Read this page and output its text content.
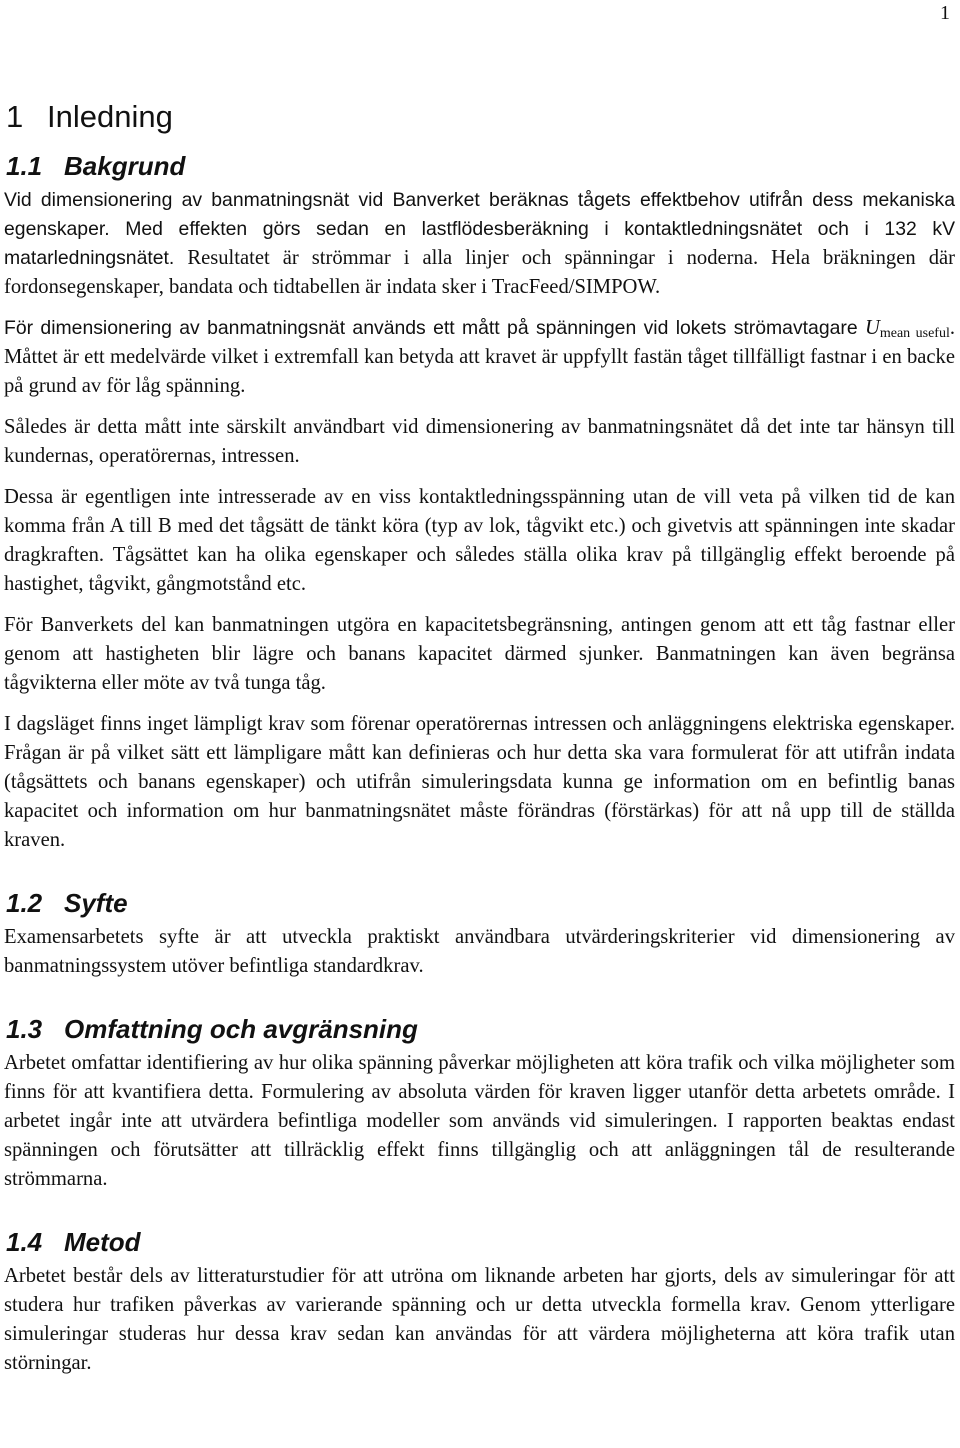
1
1 Inledning
1.1 Bakgrund

Vid dimensionering av banmatningsnät vid Banverket beräknas tågets effektbehov utifrån dess mekaniska egenskaper. Med effekten görs sedan en lastflödesberäkning i kontaktledningsnätet och i 132 kV matarledningsnätet. Resultatet är strömmar i alla linjer och spänningar i noderna. Hela bräkningen där fordonsegenskaper, bandata och tidtabellen är indata sker i TracFeed/SIMPOW.

För dimensionering av banmatningsnät används ett mått på spänningen vid lokets strömavtagare $U_{mean useful}$. Måttet är ett medelvärde vilket i extremfall kan betyda att kravet är uppfyllt fastän tåget tillfälligt fastnar i en backe på grund av för låg spänning.

Således är detta mått inte särskilt användbart vid dimensionering av banmatningsnätet då det inte tar hänsyn till kundernas, operatörernas, intressen.

Dessa är egentligen inte intresserade av en viss kontaktledningsspänning utan de vill veta på vilken tid de kan komma från A till B med det tågsätt de tänkt köra (typ av lok, tågvikt etc.) och givetvis att spänningen inte skadar dragkraften. Tågsättet kan ha olika egenskaper och således ställa olika krav på tillgänglig effekt beroende på hastighet, tågvikt, gångmotstånd etc.

För Banverkets del kan banmatningen utgöra en kapacitetsbegränsning, antingen genom att ett tåg fastnar eller genom att hastigheten blir lägre och banans kapacitet därmed sjunker. Banmatningen kan även begränsa tågvikterna eller möte av två tunga tåg.

I dagsläget finns inget lämpligt krav som förenar operatörernas intressen och anläggningens elektriska egenskaper. Frågan är på vilket sätt ett lämpligare mått kan definieras och hur detta ska vara formulerat för att utifrån indata (tågsättets och banans egenskaper) och utifrån simuleringsdata kunna ge information om en befintlig banas kapacitet och information om hur banmatningsnätet måste förändras (förstärkas) för att nå upp till de ställda kraven.

1.2 Syfte

Examensarbetets syfte är att utveckla praktiskt användbara utvärderingskriterier vid dimensionering av banmatningssystem utöver befintliga standardkrav.

1.3 Omfattning och avgränsning

Arbetet omfattar identifiering av hur olika spänning påverkar möjligheten att köra trafik och vilka möjligheter som finns för att kvantifiera detta. Formulering av absoluta värden för kraven ligger utanför detta arbetets område. I arbetet ingår inte att utvärdera befintliga modeller som används vid simuleringen. I rapporten beaktas endast spänningen och förutsätter att tillräcklig effekt finns tillgänglig och att anläggningen tål de resulterande strömmarna.

1.4 Metod

Arbetet består dels av litteraturstudier för att utröna om liknande arbeten har gjorts, dels av simuleringar för att studera hur trafiken påverkas av varierande spänning och ur detta utveckla formella krav. Genom ytterligare simuleringar studeras hur dessa krav sedan kan användas för att värdera möjligheterna att köra trafik utan störningar.
